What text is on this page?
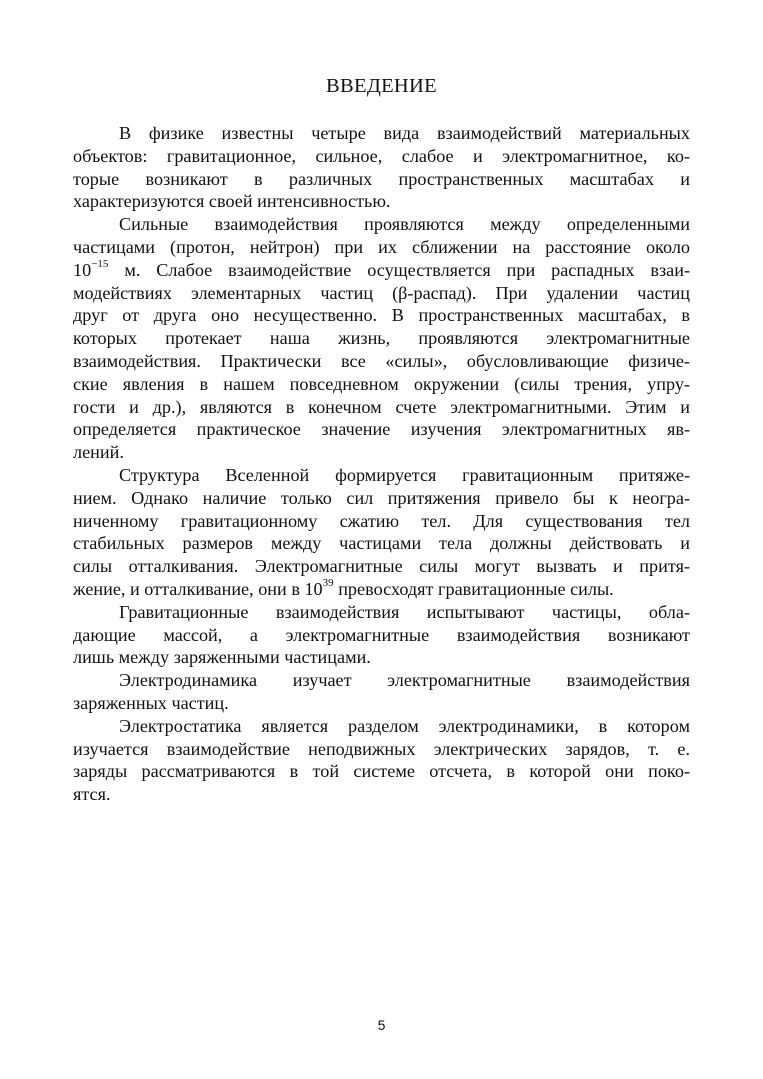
ВВЕДЕНИЕ
В физике известны четыре вида взаимодействий материальных
объектов: гравитационное, сильное, слабое и электромагнитное, ко-
торые возникают в различных пространственных масштабах и
характеризуются своей интенсивностью.
Сильные взаимодействия проявляются между определенными
частицами (протон, нейтрон) при их сближении на расстояние около
$10^{-15}$ м. Слабое взаимодействие осуществляется при распадных взаи-
модействиях элементарных частиц (β-распад). При удалении частиц
друг от друга оно несущественно. В пространственных масштабах, в
которых протекает наша жизнь, проявляются электромагнитные
взаимодействия. Практически все «силы», обусловливающие физиче-
ские явления в нашем повседневном окружении (силы трения, упру-
гости и др.), являются в конечном счете электромагнитными. Этим и
определяется практическое значение изучения электромагнитных яв-
лений.
Структура Вселенной формируется гравитационным притяже-
нием. Однако наличие только сил притяжения привело бы к неогра-
ниченному гравитационному сжатию тел. Для существования тел
стабильных размеров между частицами тела должны действовать и
силы отталкивания. Электромагнитные силы могут вызвать и притя-
жение, и отталкивание, они в $10^{39}$ превосходят гравитационные силы.
Гравитационные взаимодействия испытывают частицы, обла-
дающие массой, а электромагнитные взаимодействия возникают
лишь между заряженными частицами.
Электродинамика изучает электромагнитные взаимодействия
заряженных частиц.
Электростатика является разделом электродинамики, в котором
изучается взаимодействие неподвижных электрических зарядов, т. е.
заряды рассматриваются в той системе отсчета, в которой они поко-
ятся.
5
